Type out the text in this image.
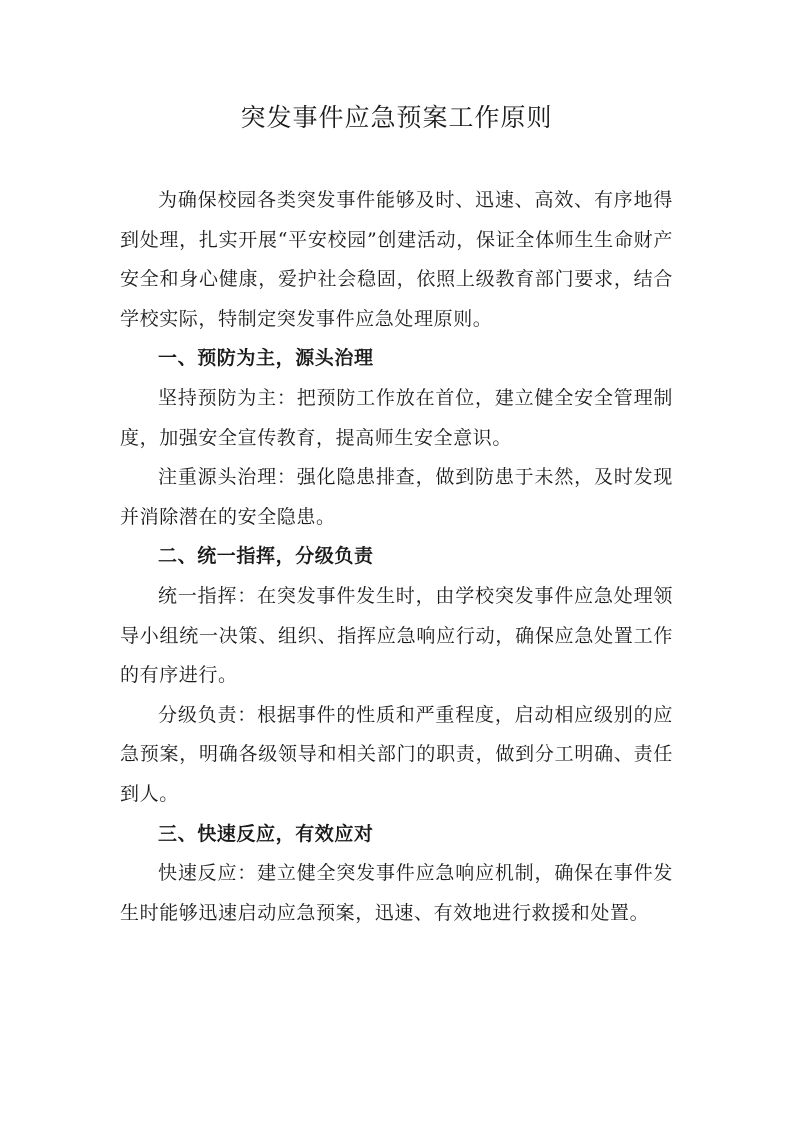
突发事件应急预案工作原则

为确保校园各类突发事件能够及时、迅速、高效、有序地得到处理，扎实开展“平安校园”创建活动，保证全体师生生命财产安全和身心健康，爱护社会稳固，依照上级教育部门要求，结合学校实际，特制定突发事件应急处理原则。

一、预防为主，源头治理

坚持预防为主：把预防工作放在首位，建立健全安全管理制度，加强安全宣传教育，提高师生安全意识。

注重源头治理：强化隐患排查，做到防患于未然，及时发现并消除潜在的安全隐患。

二、统一指挥，分级负责

统一指挥：在突发事件发生时，由学校突发事件应急处理领导小组统一决策、组织、指挥应急响应行动，确保应急处置工作的有序进行。

分级负责：根据事件的性质和严重程度，启动相应级别的应急预案，明确各级领导和相关部门的职责，做到分工明确、责任到人。

三、快速反应，有效应对

快速反应：建立健全突发事件应急响应机制，确保在事件发生时能够迅速启动应急预案，迅速、有效地进行救援和处置。
